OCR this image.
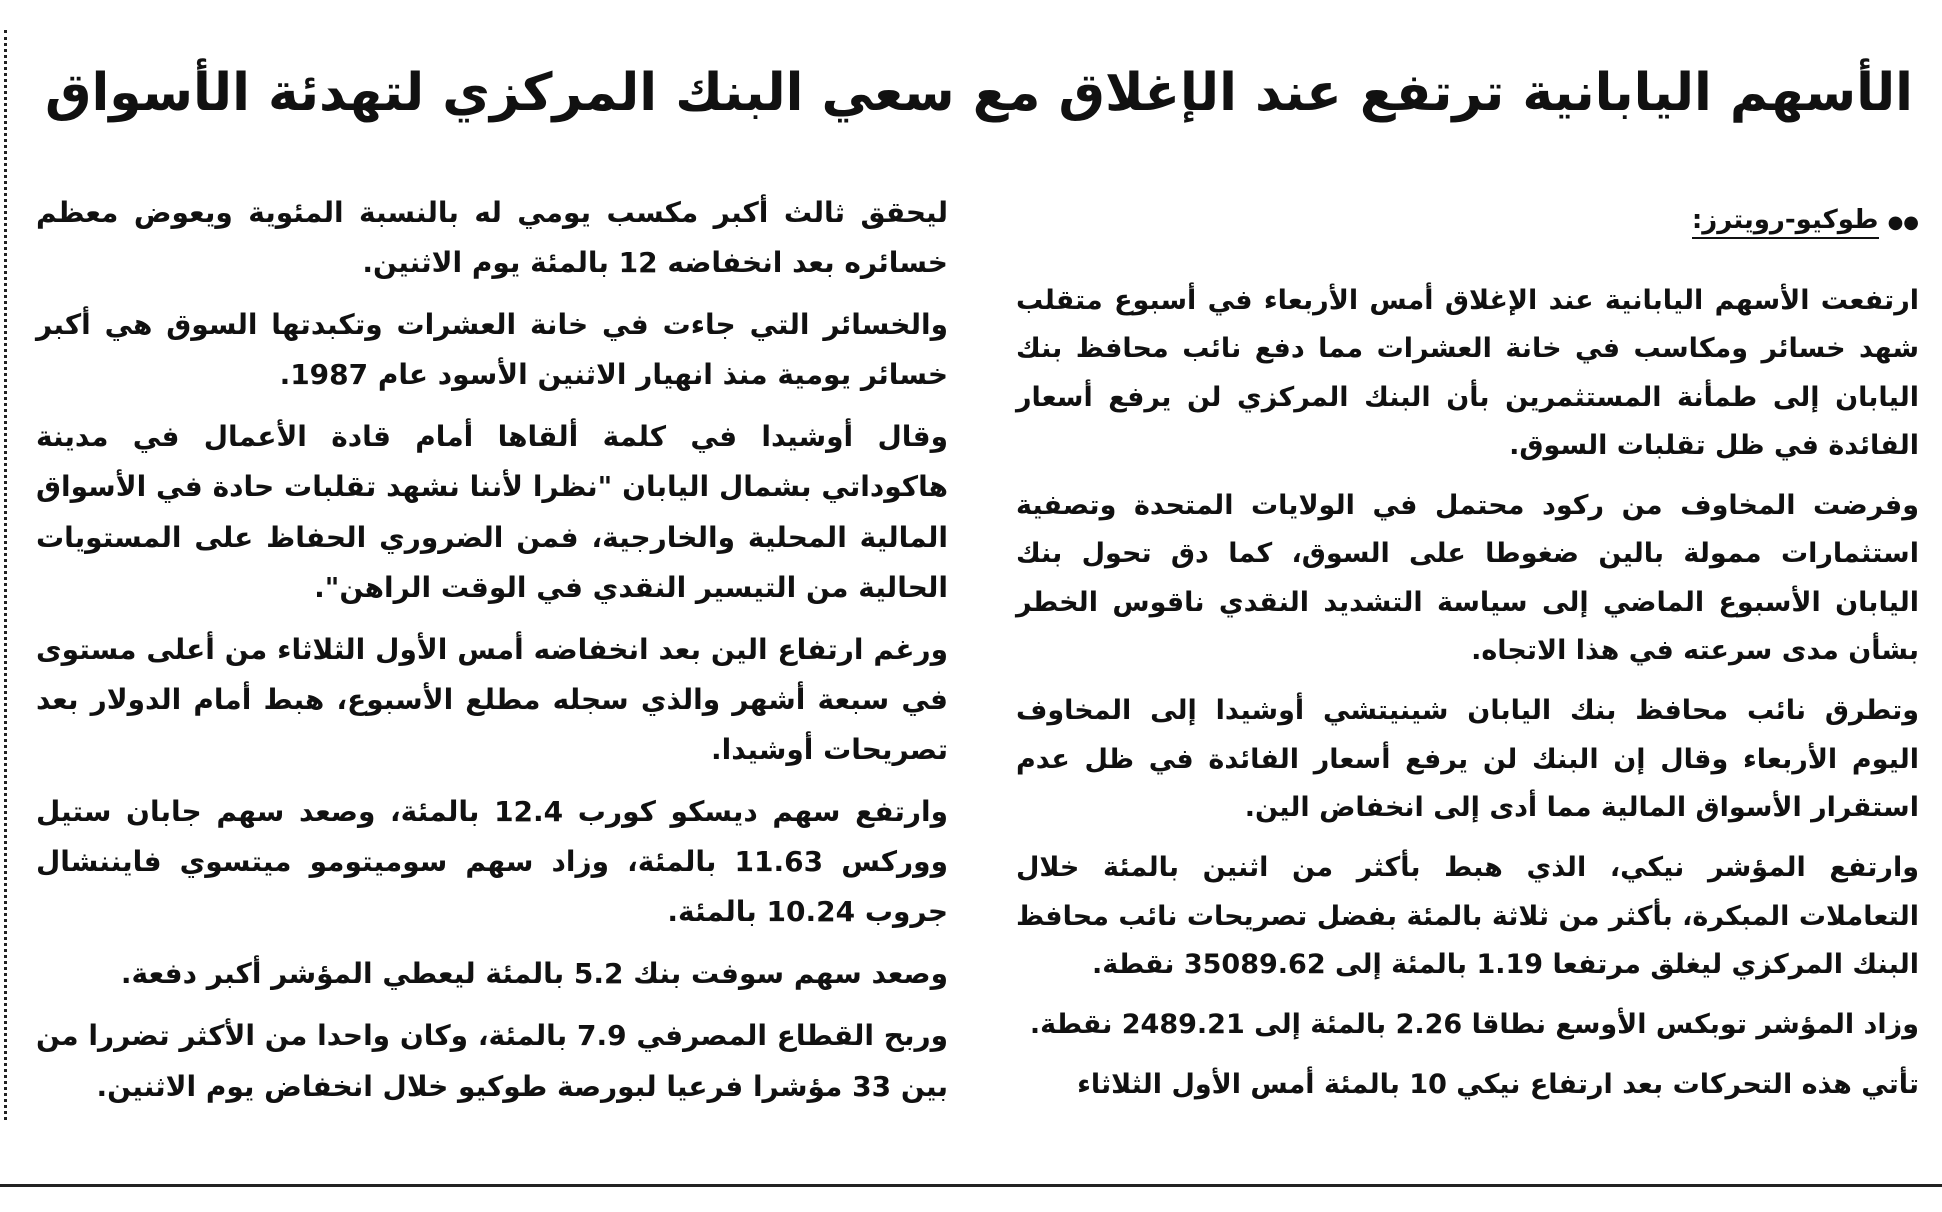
الأسهم اليابانية ترتفع عند الإغلاق مع سعي البنك المركزي لتهدئة الأسواق
●● طوكيو-رويترز:

ارتفعت الأسهم اليابانية عند الإغلاق أمس الأربعاء في أسبوع متقلب شهد خسائر ومكاسب في خانة العشرات مما دفع نائب محافظ بنك اليابان إلى طمأنة المستثمرين بأن البنك المركزي لن يرفع أسعار الفائدة في ظل تقلبات السوق.

وفرضت المخاوف من ركود محتمل في الولايات المتحدة وتصفية استثمارات ممولة بالين ضغوطا على السوق، كما دق تحول بنك اليابان الأسبوع الماضي إلى سياسة التشديد النقدي ناقوس الخطر بشأن مدى سرعته في هذا الاتجاه.

وتطرق نائب محافظ بنك اليابان شينيتشي أوشيدا إلى المخاوف اليوم الأربعاء وقال إن البنك لن يرفع أسعار الفائدة في ظل عدم استقرار الأسواق المالية مما أدى إلى انخفاض الين.

وارتفع المؤشر نيكي، الذي هبط بأكثر من اثنين بالمئة خلال التعاملات المبكرة، بأكثر من ثلاثة بالمئة بفضل تصريحات نائب محافظ البنك المركزي ليغلق مرتفعا 1.19 بالمئة إلى 35089.62 نقطة.

وزاد المؤشر توبكس الأوسع نطاقا 2.26 بالمئة إلى 2489.21 نقطة.

تأتي هذه التحركات بعد ارتفاع نيكي 10 بالمئة أمس الأول الثلاثاء

ليحقق ثالث أكبر مكسب يومي له بالنسبة المئوية ويعوض معظم خسائره بعد انخفاضه 12 بالمئة يوم الاثنين.

والخسائر التي جاءت في خانة العشرات وتكبدتها السوق هي أكبر خسائر يومية منذ انهيار الاثنين الأسود عام 1987.

وقال أوشيدا في كلمة ألقاها أمام قادة الأعمال في مدينة هاكوداتي بشمال اليابان "نظرا لأننا نشهد تقلبات حادة في الأسواق المالية المحلية والخارجية، فمن الضروري الحفاظ على المستويات الحالية من التيسير النقدي في الوقت الراهن".

ورغم ارتفاع الين بعد انخفاضه أمس الأول الثلاثاء من أعلى مستوى في سبعة أشهر والذي سجله مطلع الأسبوع، هبط أمام الدولار بعد تصريحات أوشيدا.

وارتفع سهم ديسكو كورب 12.4 بالمئة، وصعد سهم جابان ستيل ووركس 11.63 بالمئة، وزاد سهم سوميتومو ميتسوي فايننشال جروب 10.24 بالمئة.

وصعد سهم سوفت بنك 5.2 بالمئة ليعطي المؤشر أكبر دفعة.

وربح القطاع المصرفي 7.9 بالمئة، وكان واحدا من الأكثر تضررا من بين 33 مؤشرا فرعيا لبورصة طوكيو خلال انخفاض يوم الاثنين.
